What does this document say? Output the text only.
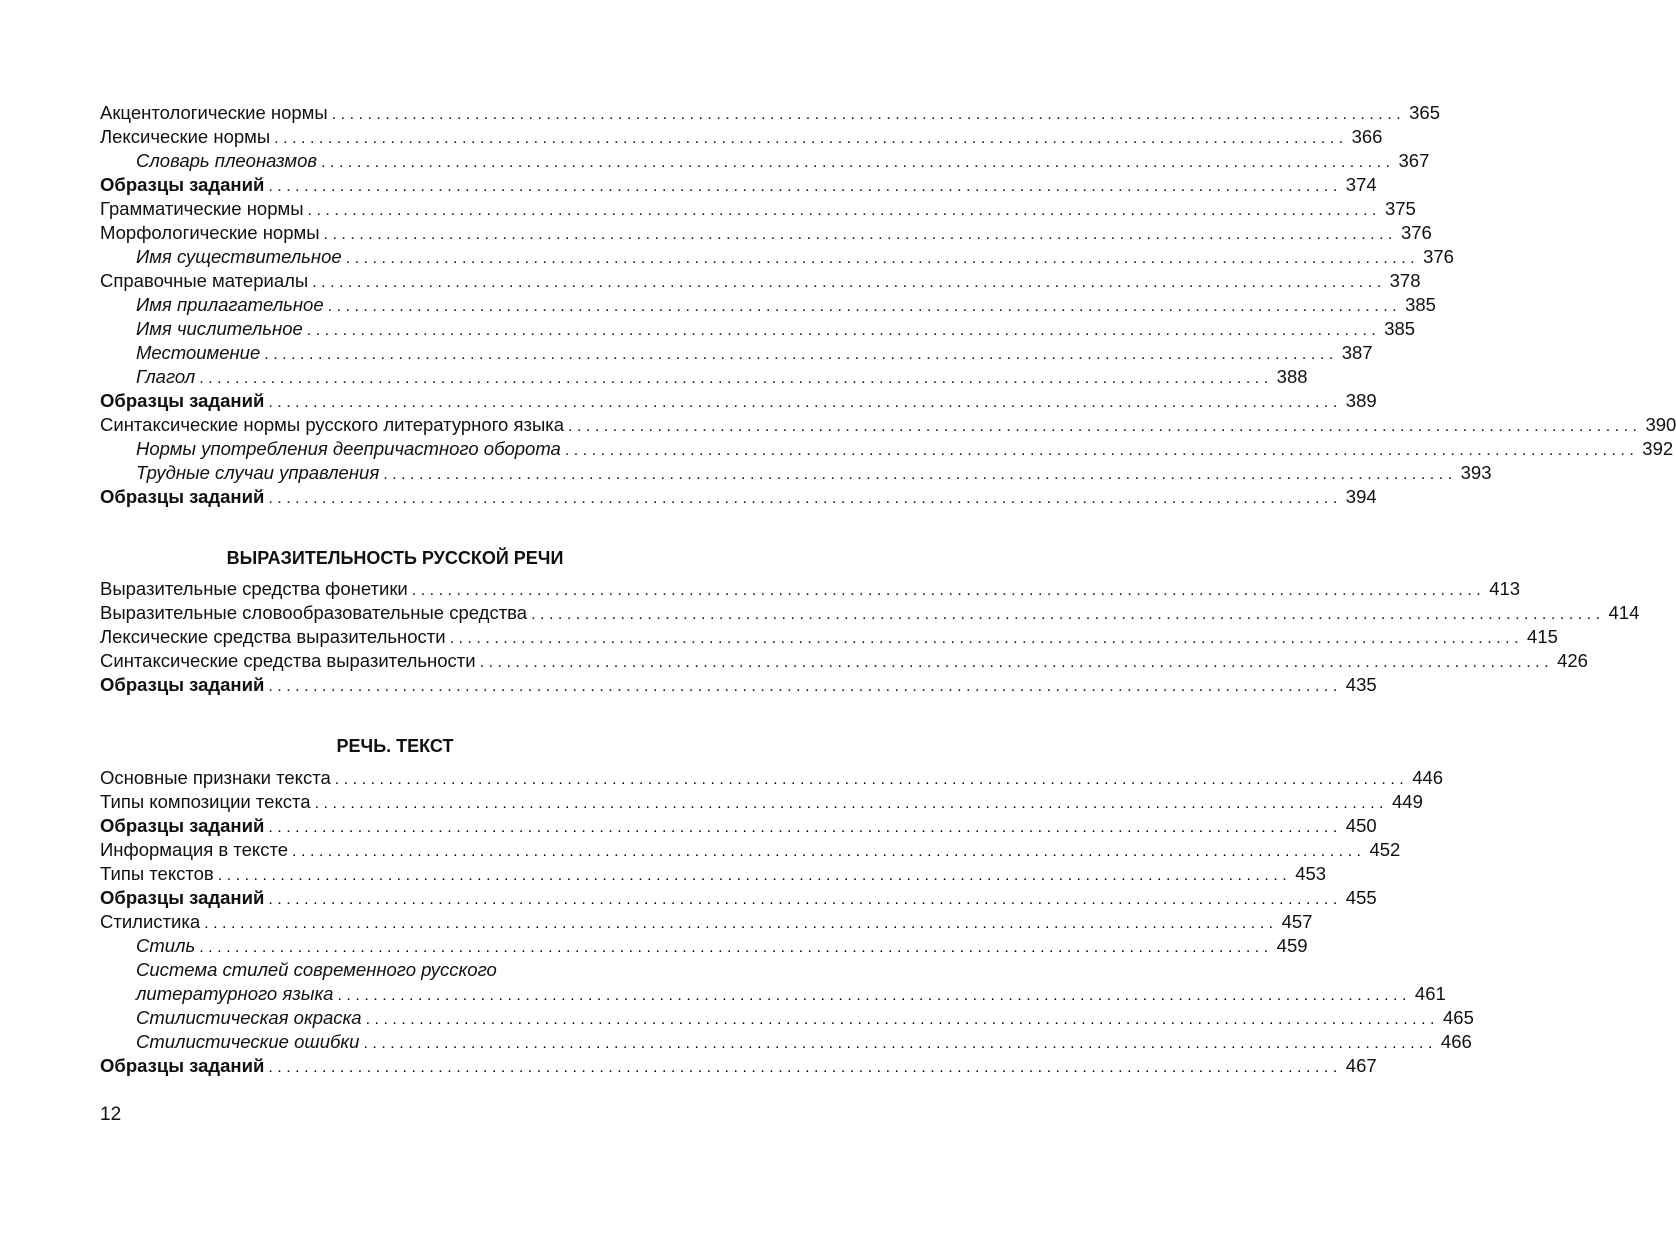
Акцентологические нормы ........................................................................................................................ 365
Лексические нормы ........................................................................................................................ 366
Словарь плеоназмов ........................................................................................................................ 367
Образцы заданий ........................................................................................................................ 374
Грамматические нормы ........................................................................................................................ 375
Морфологические нормы ........................................................................................................................ 376
Имя существительное ........................................................................................................................ 376
Справочные материалы ........................................................................................................................ 378
Имя прилагательное ........................................................................................................................ 385
Имя числительное ........................................................................................................................ 385
Местоимение ........................................................................................................................ 387
Глагол ........................................................................................................................ 388
Образцы заданий ........................................................................................................................ 389
Синтаксические нормы русского литературного языка ........................................................................................................................ 390
Нормы употребления деепричастного оборота ........................................................................................................................ 392
Трудные случаи управления ........................................................................................................................ 393
Образцы заданий ........................................................................................................................ 394
ВЫРАЗИТЕЛЬНОСТЬ РУССКОЙ РЕЧИ
Выразительные средства фонетики ........................................................................................................................ 413
Выразительные словообразовательные средства ........................................................................................................................ 414
Лексические средства выразительности ........................................................................................................................ 415
Синтаксические средства выразительности ........................................................................................................................ 426
Образцы заданий ........................................................................................................................ 435
РЕЧЬ. ТЕКСТ
Основные признаки текста ........................................................................................................................ 446
Типы композиции текста ........................................................................................................................ 449
Образцы заданий ........................................................................................................................ 450
Информация в тексте ........................................................................................................................ 452
Типы текстов ........................................................................................................................ 453
Образцы заданий ........................................................................................................................ 455
Стилистика ........................................................................................................................ 457
Стиль ........................................................................................................................ 459
Система стилей современного русского
литературного языка ........................................................................................................................ 461
Стилистическая окраска ........................................................................................................................ 465
Стилистические ошибки ........................................................................................................................ 466
Образцы заданий ........................................................................................................................ 467
12
